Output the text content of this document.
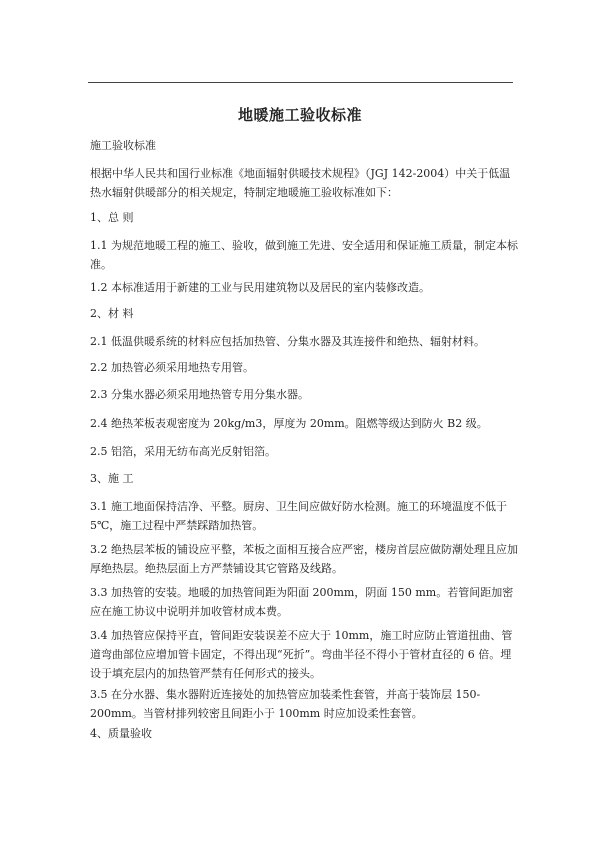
地暖施工验收标准

施工验收标准

根据中华人民共和国行业标准《地面辐射供暖技术规程》（JGJ 142-2004）中关于低温热水辐射供暖部分的相关规定，特制定地暖施工验收标准如下：

1、总 则

1.1 为规范地暖工程的施工、验收，做到施工先进、安全适用和保证施工质量，制定本标准。

1.2 本标准适用于新建的工业与民用建筑物以及居民的室内装修改造。

2、材 料

2.1 低温供暖系统的材料应包括加热管、分集水器及其连接件和绝热、辐射材料。

2.2 加热管必须采用地热专用管。

2.3 分集水器必须采用地热管专用分集水器。

2.4 绝热苯板表观密度为 20kg/m3，厚度为 20mm。阻燃等级达到防火 B2 级。

2.5 铝箔，采用无纺布高光反射铝箔。

3、施 工

3.1 施工地面保持洁净、平整。厨房、卫生间应做好防水检测。施工的环境温度不低于5℃，施工过程中严禁踩踏加热管。

3.2 绝热层苯板的铺设应平整，苯板之面相互接合应严密，楼房首层应做防潮处理且应加厚绝热层。绝热层面上方严禁铺设其它管路及线路。

3.3 加热管的安装。地暖的加热管间距为阳面 200mm，阴面 150 mm。若管间距加密应在施工协议中说明并加收管材成本费。

3.4 加热管应保持平直，管间距安装误差不应大于 10mm，施工时应防止管道扭曲、管道弯曲部位应增加管卡固定，不得出现“死折”。弯曲半径不得小于管材直径的 6 倍。埋设于填充层内的加热管严禁有任何形式的接头。

3.5 在分水器、集水器附近连接处的加热管应加装柔性套管，并高于装饰层 150-200mm。当管材排列较密且间距小于 100mm 时应加设柔性套管。

4、质量验收
